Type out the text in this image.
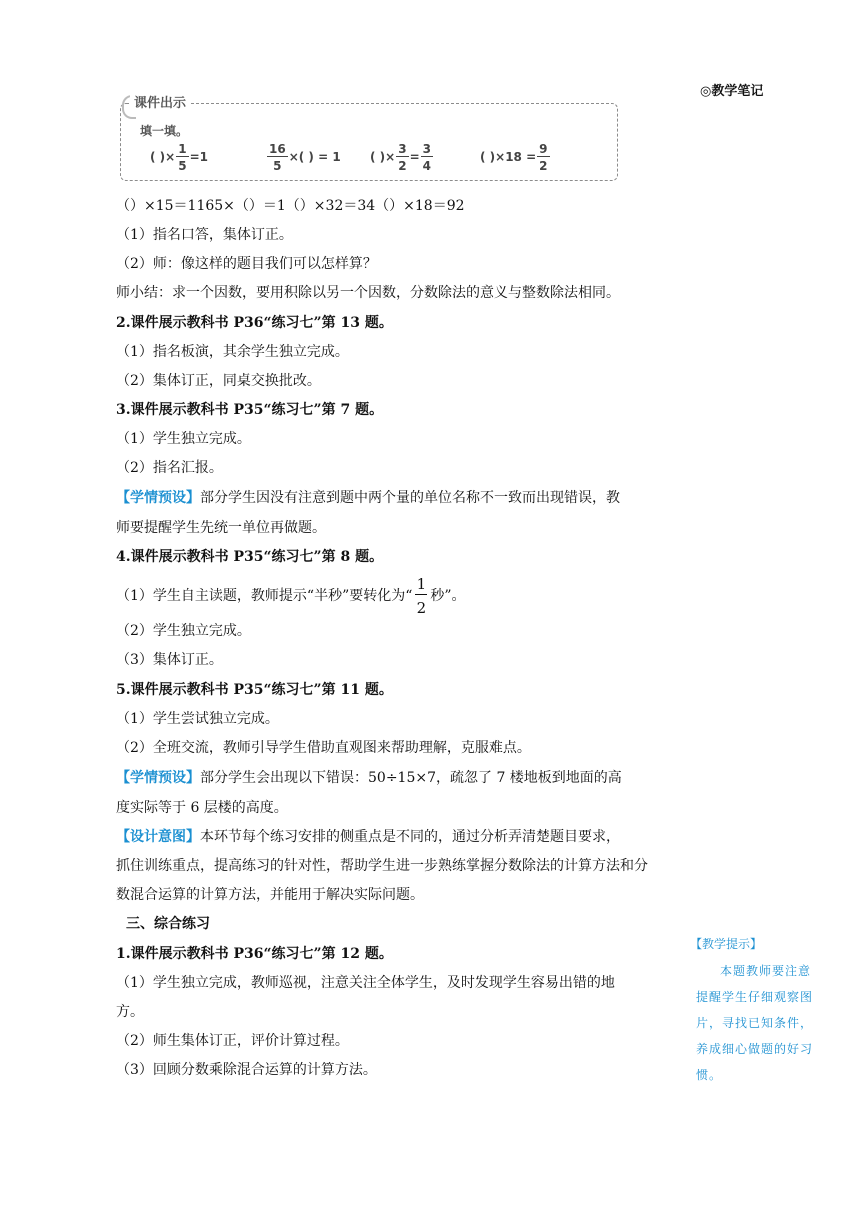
◎教学笔记
课件出示
填一填。
( )× $\frac{1}{5} =1$	$\frac{16}{5}$ ×( ) = 1 ( )× $\frac{3}{2} = \frac{3}{4}$	( )$\times 18 = \frac{9}{2}$
（）×15＝1165×（）＝1（）×32＝34（）×18＝92
（1）指名口答，集体订正。
（2）师：像这样的题目我们可以怎样算？
师小结：求一个因数，要用积除以另一个因数，分数除法的意义与整数除法相同。
2.课件展示教科书 P36“练习七”第 13 题。
（1）指名板演，其余学生独立完成。
（2）集体订正，同桌交换批改。
3.课件展示教科书 P35“练习七”第 7 题。
（1）学生独立完成。
（2）指名汇报。
【学情预设】部分学生因没有注意到题中两个量的单位名称不一致而出现错误，教
师要提醒学生先统一单位再做题。
4.课件展示教科书 P35“练习七”第 8 题。
（1）学生自主读题，教师提示“半秒”要转化为“
1
2
秒”。
（2）学生独立完成。
（3）集体订正。
5.课件展示教科书 P35“练习七”第 11 题。
（1）学生尝试独立完成。
（2）全班交流，教师引导学生借助直观图来帮助理解，克服难点。
【学情预设】部分学生会出现以下错误：50÷15×7，疏忽了 7 楼地板到地面的高
度实际等于 6 层楼的高度。
【设计意图】本环节每个练习安排的侧重点是不同的，通过分析弄清楚题目要求，
抓住训练重点，提高练习的针对性，帮助学生进一步熟练掌握分数除法的计算方法和分
数混合运算的计算方法，并能用于解决实际问题。
三、综合练习
1.课件展示教科书 P36“练习七”第 12 题。
（1）学生独立完成，教师巡视，注意关注全体学生，及时发现学生容易出错的地
方。
（2）师生集体订正，评价计算过程。
（3）回顾分数乘除混合运算的计算方法。
【教学提示】
本题教师要注意提醒学生仔细观察图片，寻找已知条件，养成细心做题的好习惯。
